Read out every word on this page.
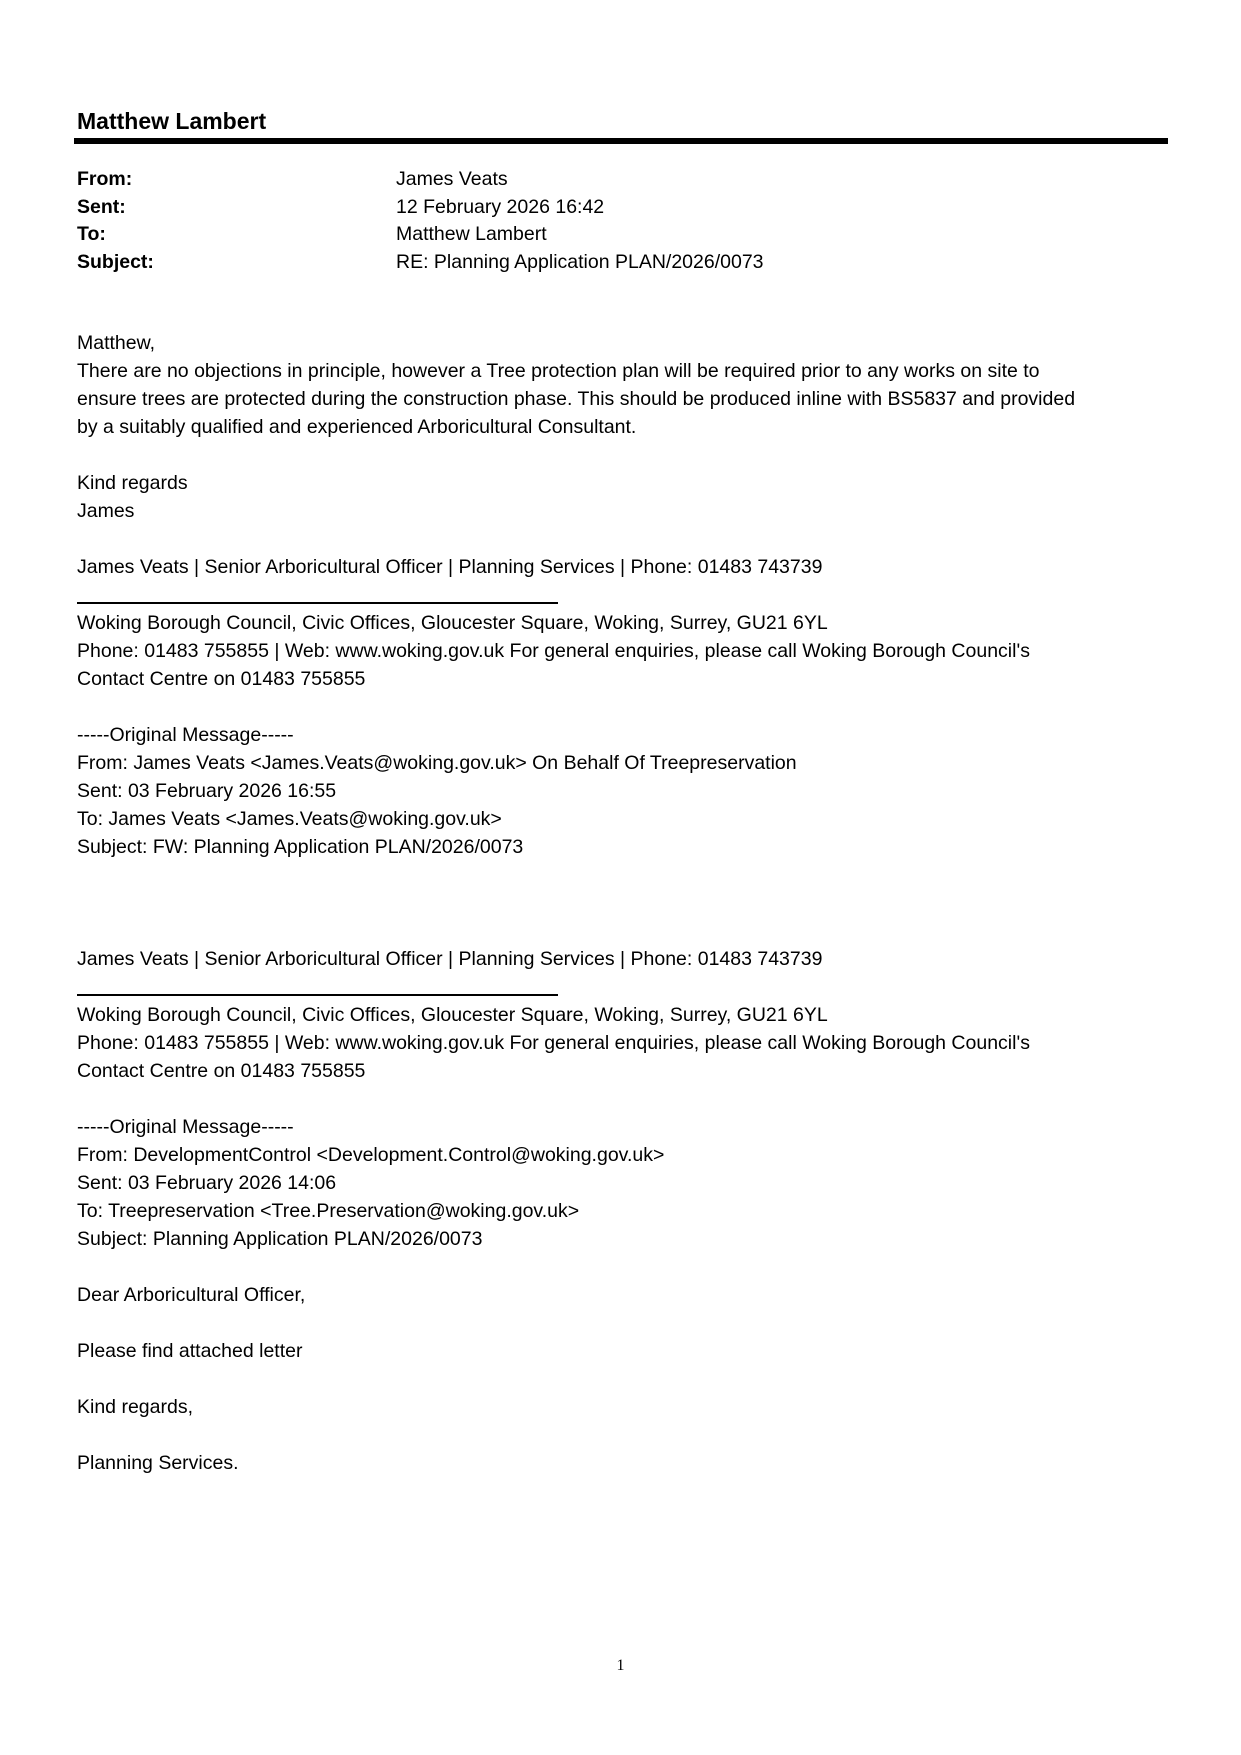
Matthew Lambert
From:	James Veats
Sent:	12 February 2026 16:42
To:	Matthew Lambert
Subject:	RE: Planning Application PLAN/2026/0073
Matthew,
There are no objections in principle, however a Tree protection plan will be required prior to any works on site to
ensure trees are protected during the construction phase. This should be produced inline with BS5837 and provided
by a suitably qualified and experienced Arboricultural Consultant.
Kind regards
James
James Veats | Senior Arboricultural Officer | Planning Services | Phone: 01483 743739
Woking Borough Council, Civic Offices, Gloucester Square, Woking, Surrey, GU21 6YL
Phone: 01483 755855 | Web: www.woking.gov.uk For general enquiries, please call Woking Borough Council's
Contact Centre on 01483 755855
-----Original Message-----
From: James Veats <James.Veats@woking.gov.uk> On Behalf Of Treepreservation
Sent: 03 February 2026 16:55
To: James Veats <James.Veats@woking.gov.uk>
Subject: FW: Planning Application PLAN/2026/0073
James Veats | Senior Arboricultural Officer | Planning Services | Phone: 01483 743739
Woking Borough Council, Civic Offices, Gloucester Square, Woking, Surrey, GU21 6YL
Phone: 01483 755855 | Web: www.woking.gov.uk For general enquiries, please call Woking Borough Council's
Contact Centre on 01483 755855
-----Original Message-----
From: DevelopmentControl <Development.Control@woking.gov.uk>
Sent: 03 February 2026 14:06
To: Treepreservation <Tree.Preservation@woking.gov.uk>
Subject: Planning Application PLAN/2026/0073
Dear Arboricultural Officer,
Please find attached letter
Kind regards,
Planning Services.
1
